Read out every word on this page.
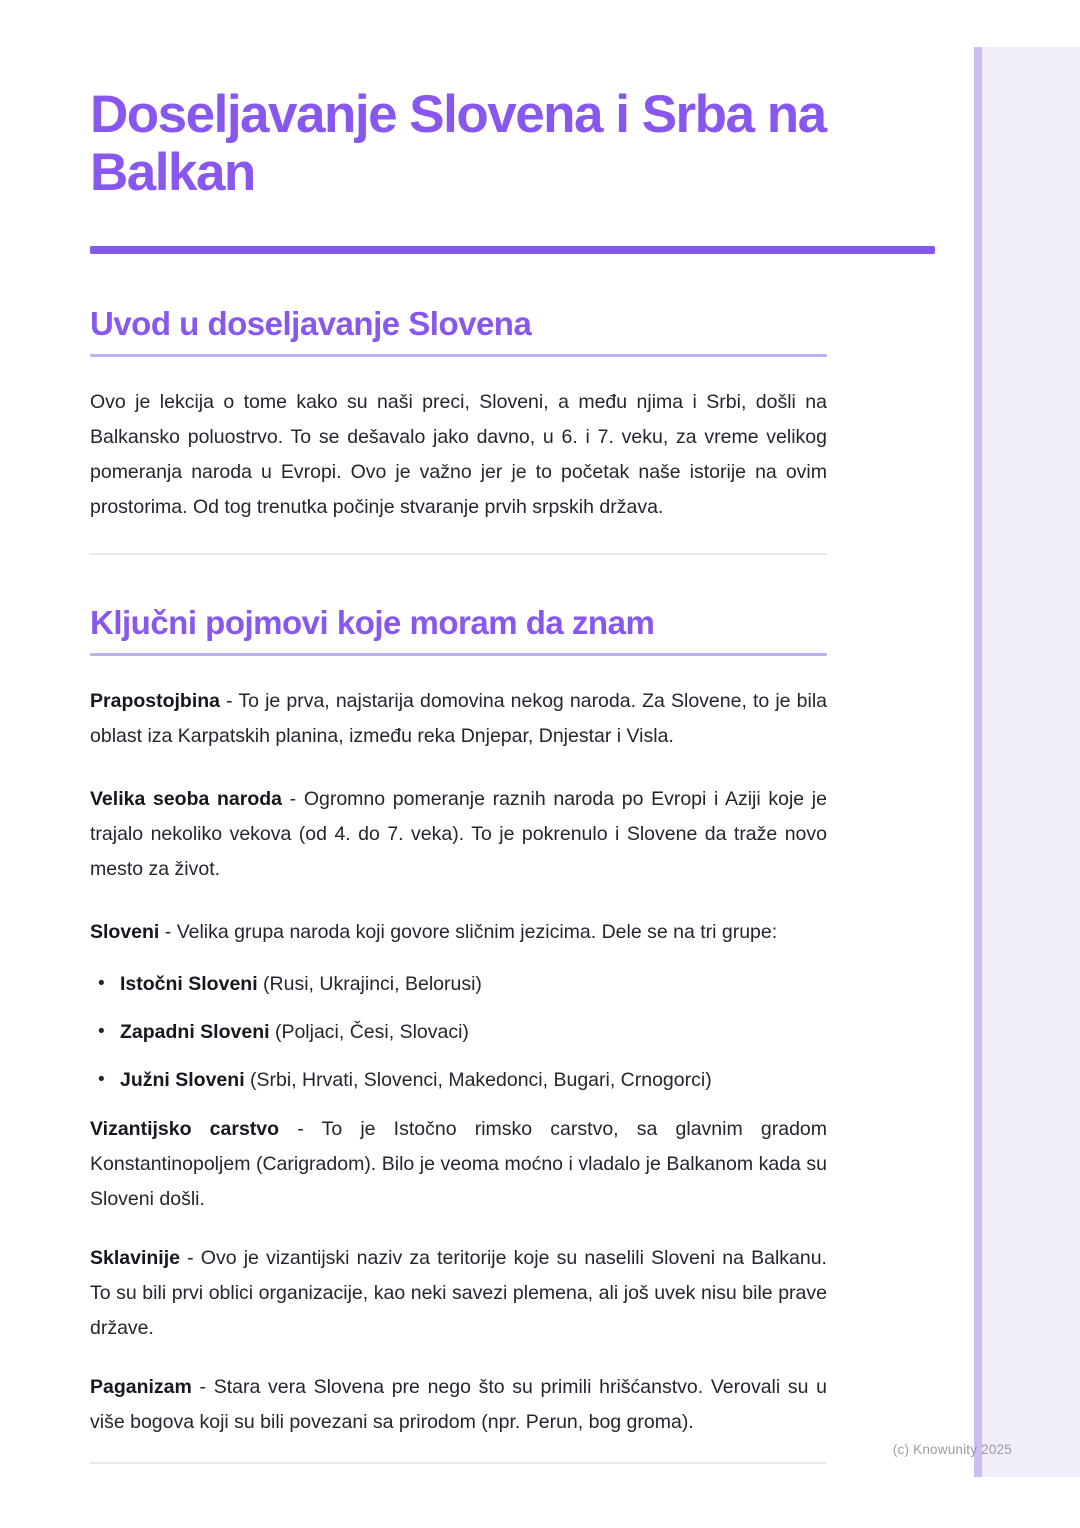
Doseljavanje Slovena i Srba na Balkan
Uvod u doseljavanje Slovena

Ovo je lekcija o tome kako su naši preci, Sloveni, a među njima i Srbi, došli na Balkansko poluostrvo. To se dešavalo jako davno, u 6. i 7. veku, za vreme velikog pomeranja naroda u Evropi. Ovo je važno jer je to početak naše istorije na ovim prostorima. Od tog trenutka počinje stvaranje prvih srpskih država.

Ključni pojmovi koje moram da znam

Prapostojbina - To je prva, najstarija domovina nekog naroda. Za Slovene, to je bila oblast iza Karpatskih planina, između reka Dnjepar, Dnjestar i Visla.

Velika seoba naroda - Ogromno pomeranje raznih naroda po Evropi i Aziji koje je trajalo nekoliko vekova (od 4. do 7. veka). To je pokrenulo i Slovene da traže novo mesto za život.

Sloveni - Velika grupa naroda koji govore sličnim jezicima. Dele se na tri grupe:

• Istočni Sloveni (Rusi, Ukrajinci, Belorusi)
• Zapadni Sloveni (Poljaci, Česi, Slovaci)
• Južni Sloveni (Srbi, Hrvati, Slovenci, Makedonci, Bugari, Crnogorci)

Vizantijsko carstvo - To je Istočno rimsko carstvo, sa glavnim gradom Konstantinopoljem (Carigradom). Bilo je veoma moćno i vladalo je Balkanom kada su Sloveni došli.

Sklavinije - Ovo je vizantijski naziv za teritorije koje su naselili Sloveni na Balkanu. To su bili prvi oblici organizacije, kao neki savezi plemena, ali još uvek nisu bile prave države.

Paganizam - Stara vera Slovena pre nego što su primili hrišćanstvo. Verovali su u više bogova koji su bili povezani sa prirodom (npr. Perun, bog groma).

(c) Knowunity 2025
